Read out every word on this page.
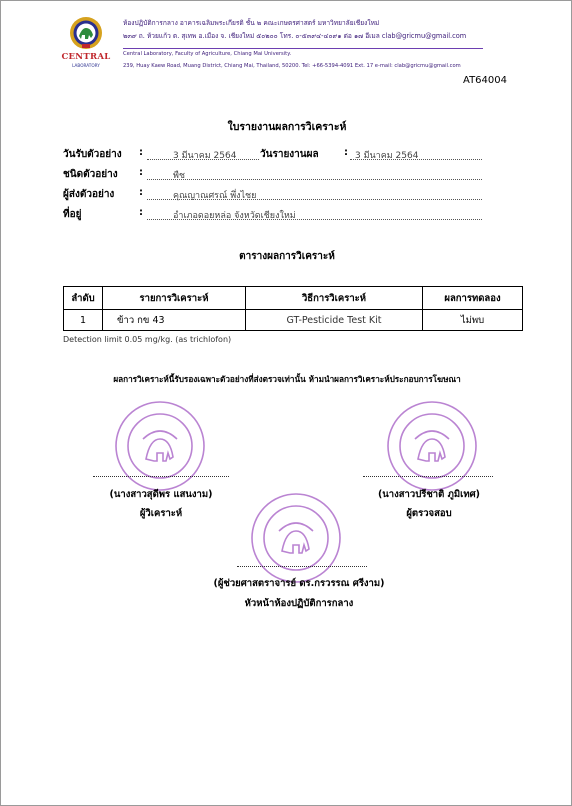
CENTRAL
LABORATORY
ห้องปฏิบัติการกลาง อาคารเฉลิมพระเกียรติ ชั้น ๒ คณะเกษตรศาสตร์ มหาวิทยาลัยเชียงใหม่
๒๓๙ ถ. ห้วยแก้ว ต. สุเทพ อ.เมือง จ. เชียงใหม่ ๕๐๒๐๐ โทร. ๐-๕๓๙๔-๔๐๙๑ ต่อ ๑๗ อีเมล clab@gricmu@gmail.com
Central Laboratory, Faculty of Agriculture, Chiang Mai University.
239, Huay Kaew Road, Muang District, Chiang Mai, Thailand, 50200. Tel: +66-5394-4091 Ext. 17 e-mail: clab@gricmu@gmail.com
AT64004
ใบรายงานผลการวิเคราะห์
วันรับตัวอย่าง :	3 มีนาคม 2564 วันรายงานผล	: 3 มีนาคม 2564
ชนิดตัวอย่าง :	พืช
ผู้ส่งตัวอย่าง :	คุณญาณศรณ์ พึ่งไชย
ที่อยู่	:	อำเภอดอยหล่อ จังหวัดเชียงใหม่
ตารางผลการวิเคราะห์
ลำดับ	รายการวิเคราะห์	วิธีการวิเคราะห์	ผลการทดลอง
1	ข้าว กข 43	GT-Pesticide Test Kit	ไม่พบ
Detection limit 0.05 mg/kg. (as trichlofon)
ผลการวิเคราะห์นี้รับรองเฉพาะตัวอย่างที่ส่งตรวจเท่านั้น ห้ามนำผลการวิเคราะห์ประกอบการโฆษณา
(นางสาวสุดีพร แสนงาม)
ผู้วิเคราะห์
(นางสาวปรีชาติ ภูมิเทศ)
ผู้ตรวจสอบ
(ผู้ช่วยศาสตราจารย์ ดร.กรวรรณ ศรีงาม)
หัวหน้าห้องปฏิบัติการกลาง
